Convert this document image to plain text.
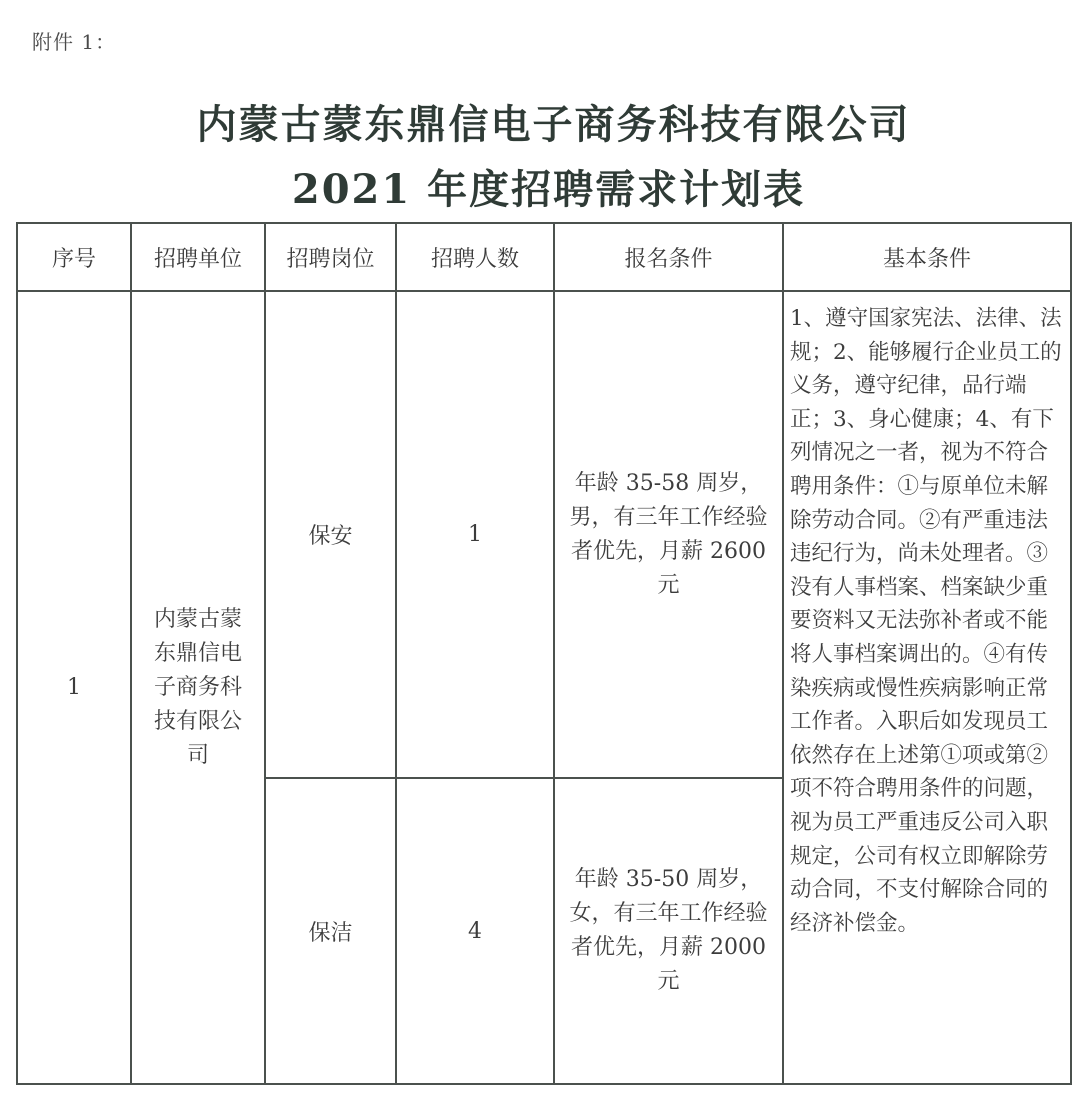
附件 1：
内蒙古蒙东鼎信电子商务科技有限公司
2021 年度招聘需求计划表
序号	招聘单位	招聘岗位	招聘人数	报名条件	基本条件
1	内蒙古蒙东鼎信电子商务科技有限公司	保安	1	年龄 35-58 周岁，男，有三年工作经验者优先，月薪 2600 元	1、遵守国家宪法、法律、法规；2、能够履行企业员工的义务，遵守纪律，品行端正；3、身心健康；4、有下列情况之一者，视为不符合聘用条件：①与原单位未解除劳动合同。②有严重违法违纪行为，尚未处理者。③没有人事档案、档案缺少重要资料又无法弥补者或不能将人事档案调出的。④有传染疾病或慢性疾病影响正常工作者。入职后如发现员工依然存在上述第①项或第②项不符合聘用条件的问题，视为员工严重违反公司入职规定，公司有权立即解除劳动合同，不支付解除合同的经济补偿金。
		保洁	4	年龄 35-50 周岁，女，有三年工作经验者优先，月薪 2000 元	
